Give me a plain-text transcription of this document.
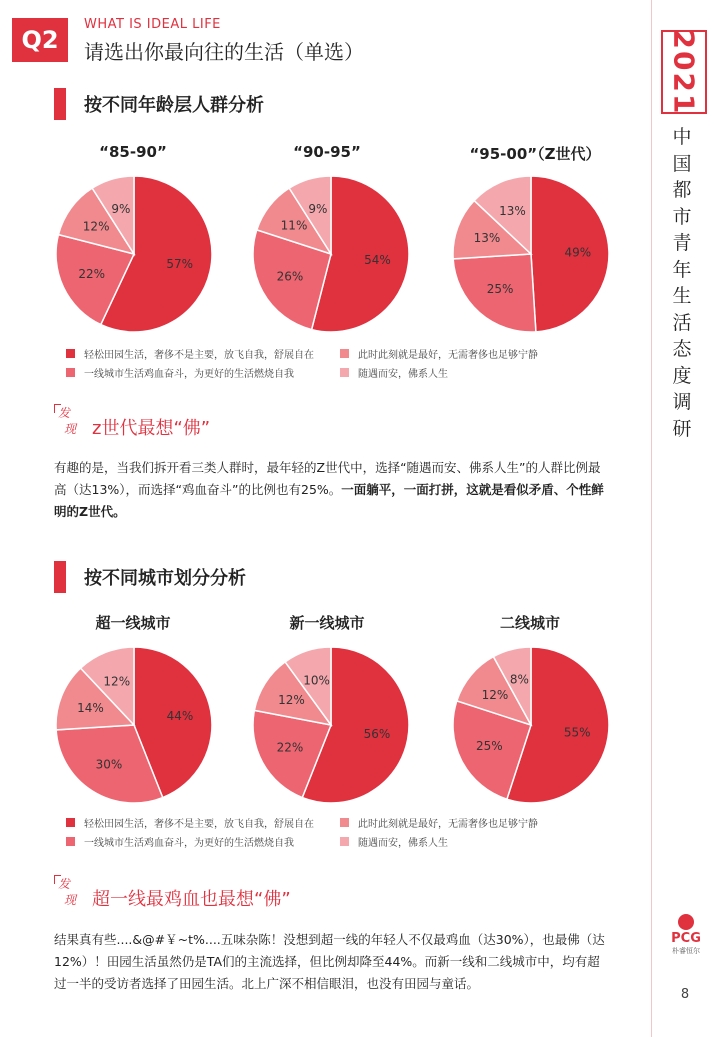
Q2
WHAT IS IDEAL LIFE
请选出你最向往的生活（单选）	2021
中国都市青年生活态度调研
按不同年龄层人群分析
“85-90”	“90-95”	“95-00”（Z世代）
57%
22%
12%
9%
54%
26%
11%
9%
49%
25%
13%
13%
轻松田园生活，奢侈不是主要，放飞自我，舒展自在	此时此刻就是最好，无需奢侈也足够宁静
一线城市生活鸡血奋斗，为更好的生活燃烧自我	随遇而安，佛系人生
发
现 z世代最想“佛”
有趣的是，当我们拆开看三类人群时，最年轻的Z世代中，选择“随遇而安、佛系人生”的人群比例最高（达13%），而选择“鸡血奋斗”的比例也有25%。一面躺平，一面打拼，这就是看似矛盾、个性鲜明的Z世代。
按不同城市划分分析
超一线城市	新一线城市	二线城市
44%
30%
14%
12%
56%
22%
12%
10%
55%
25%
12%
8%
轻松田园生活，奢侈不是主要，放飞自我，舒展自在	此时此刻就是最好，无需奢侈也足够宁静
一线城市生活鸡血奋斗，为更好的生活燃烧自我	随遇而安，佛系人生
发
现 超一线最鸡血也最想“佛”
结果真有些....&@#￥~t%....五味杂陈！没想到超一线的年轻人不仅最鸡血（达30%），也最佛（达12%）！田园生活虽然仍是TA们的主流选择，但比例却降至44%。而新一线和二线城市中，均有超过一半的受访者选择了田园生活。北上广深不相信眼泪，也没有田园与童话。
PCG
朴睿恒尔
8
